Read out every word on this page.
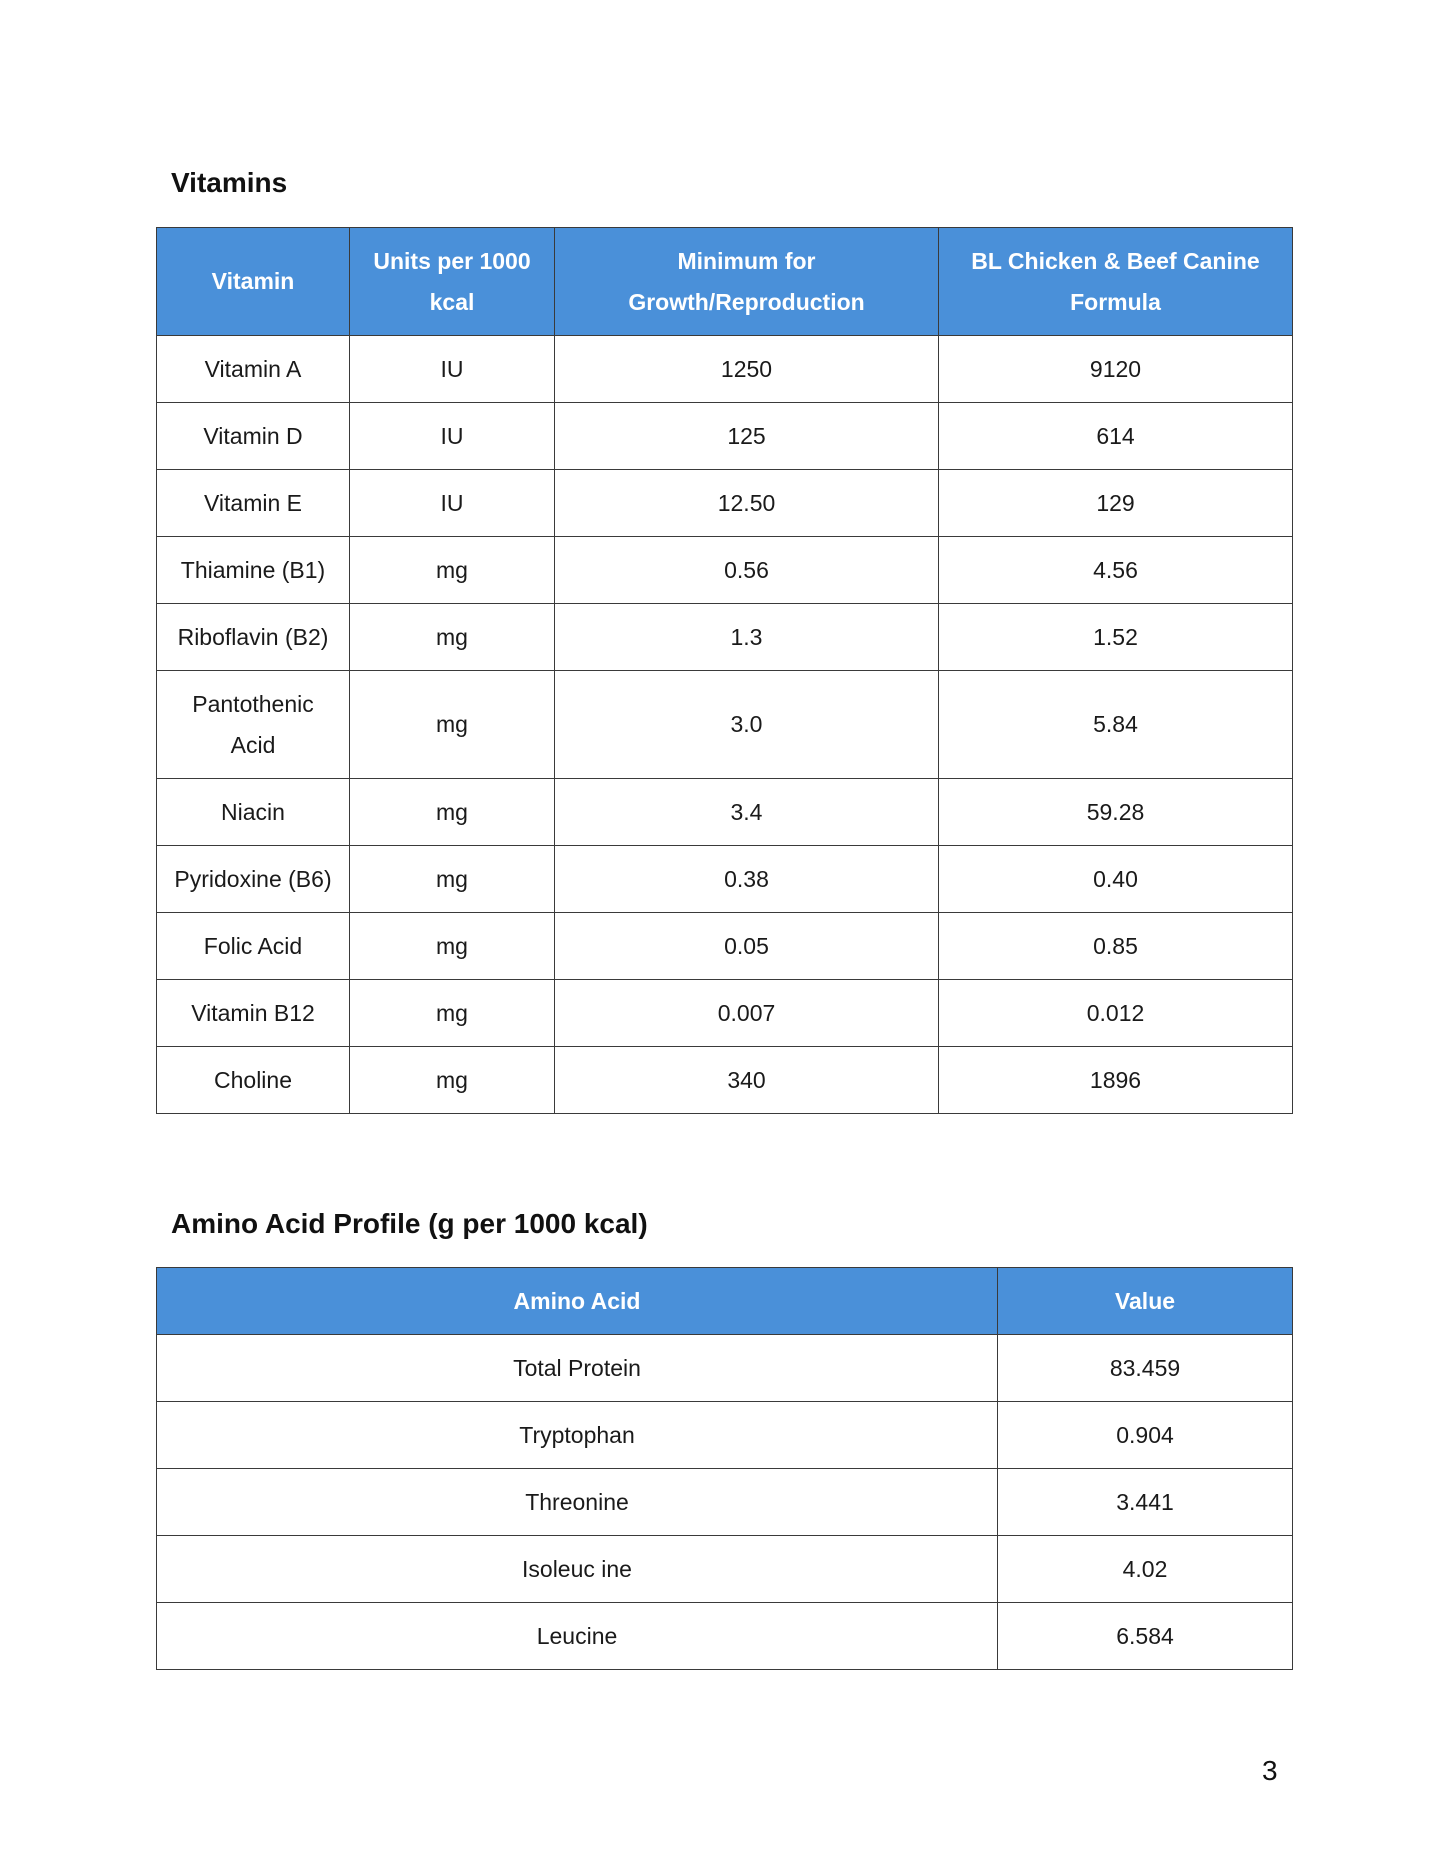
Vitamins
Vitamin	Units per 1000 kcal	Minimum for Growth/Reproduction	BL Chicken & Beef Canine Formula
Vitamin A	IU	1250	9120
Vitamin D	IU	125	614
Vitamin E	IU	12.50	129
Thiamine (B1)	mg	0.56	4.56
Riboflavin (B2)	mg	1.3	1.52
Pantothenic Acid	mg	3.0	5.84
Niacin	mg	3.4	59.28
Pyridoxine (B6)	mg	0.38	0.40
Folic Acid	mg	0.05	0.85
Vitamin B12	mg	0.007	0.012
Choline	mg	340	1896
Amino Acid Profile (g per 1000 kcal)
Amino Acid	Value
Total Protein	83.459
Tryptophan	0.904
Threonine	3.441
Isoleuc ine	4.02
Leucine	6.584

3
